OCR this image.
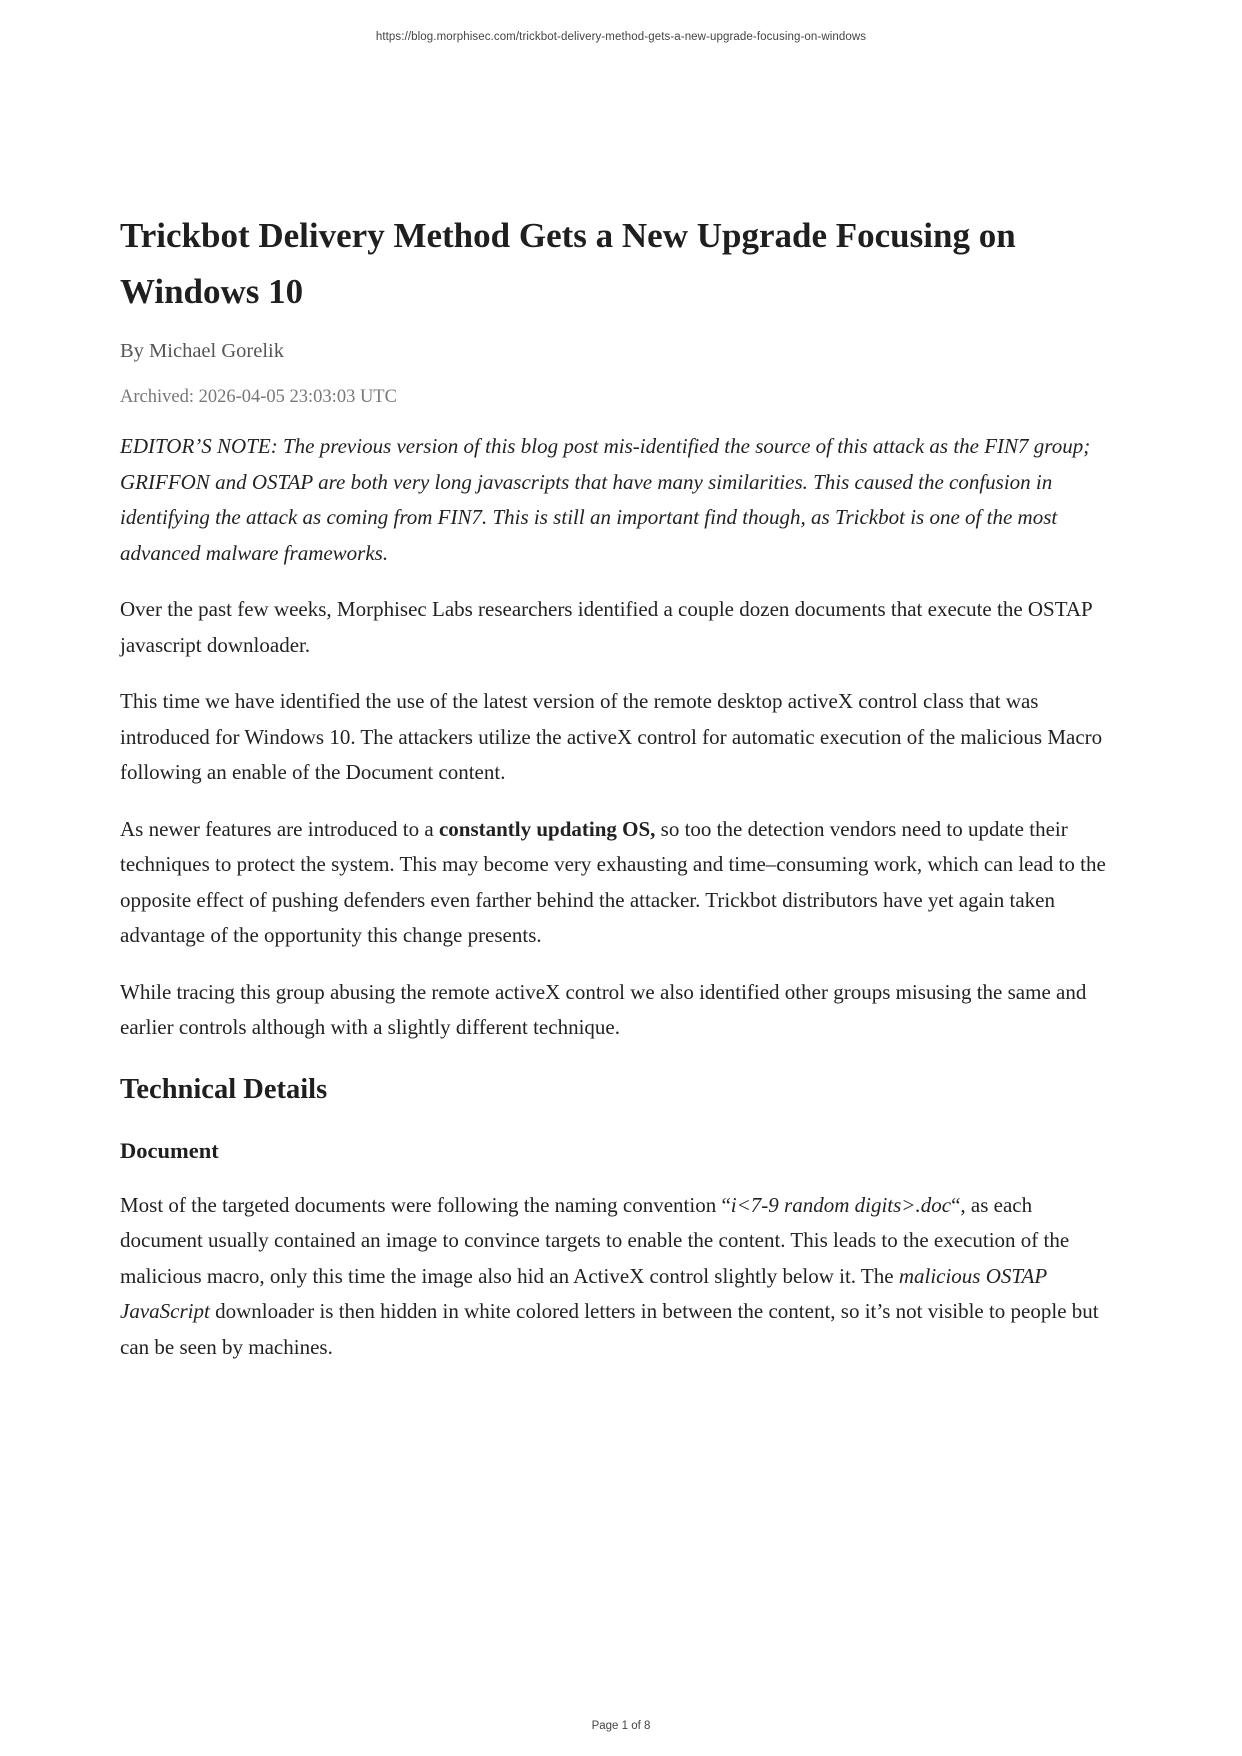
https://blog.morphisec.com/trickbot-delivery-method-gets-a-new-upgrade-focusing-on-windows
Trickbot Delivery Method Gets a New Upgrade Focusing on Windows 10
By Michael Gorelik
Archived: 2026-04-05 23:03:03 UTC

EDITOR’S NOTE: The previous version of this blog post mis-identified the source of this attack as the FIN7 group; GRIFFON and OSTAP are both very long javascripts that have many similarities. This caused the confusion in identifying the attack as coming from FIN7. This is still an important find though, as Trickbot is one of the most advanced malware frameworks.

Over the past few weeks, Morphisec Labs researchers identified a couple dozen documents that execute the OSTAP javascript downloader.

This time we have identified the use of the latest version of the remote desktop activeX control class that was introduced for Windows 10. The attackers utilize the activeX control for automatic execution of the malicious Macro following an enable of the Document content.

As newer features are introduced to a constantly updating OS, so too the detection vendors need to update their techniques to protect the system. This may become very exhausting and time–consuming work, which can lead to the opposite effect of pushing defenders even farther behind the attacker. Trickbot distributors have yet again taken advantage of the opportunity this change presents.

While tracing this group abusing the remote activeX control we also identified other groups misusing the same and earlier controls although with a slightly different technique.

Technical Details
Document

Most of the targeted documents were following the naming convention “i<7-9 random digits>.doc“, as each document usually contained an image to convince targets to enable the content. This leads to the execution of the malicious macro, only this time the image also hid an ActiveX control slightly below it. The malicious OSTAP JavaScript downloader is then hidden in white colored letters in between the content, so it’s not visible to people but can be seen by machines.

Page 1 of 8
